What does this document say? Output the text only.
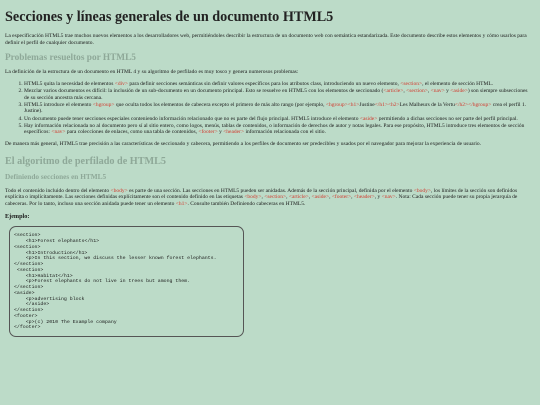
Secciones y líneas generales de un documento HTML5

La especificación HTML5 trae muchos nuevos elementos a los desarrolladores web, permitiéndoles describir la estructura de un documento web con semántica estandarizada. Este documento describe estos elementos y cómo usarlos para definir el perfil de cualquier documento.

Problemas resueltos por HTML5

La definición de la estructura de un documento en HTML 4 y su algoritmo de perfilado es muy tosco y genera numerosos problemas:

1. HTML5 quita la necesidad de elementos <div> para definir secciones semánticas sin definir valores específicos para los atributos class, introduciendo un nuevo elemento, <section>, el elemento de sección HTML.
2. Mezclar varios documentos es difícil: la inclusión de un sub-documento en un documento principal. Esto se resuelve en HTML5 con los elementos de seccionado (<article>, <section>, <nav> y <aside>) son siempre subsecciones de su sección ancestra más cercana.
3. HTML5 introduce el elemento <hgroup> que oculta todos los elementos de cabecera excepto el primero de más alto rango (por ejemplo, <hgroup><h1>Justine</h1><h2>Les Malheurs de la Vertu</h2></hgroup> crea el perfil 1. Justine).
4. Un documento puede tener secciones especiales conteniendo información relacionado que no es parte del flujo principal. HTML5 introduce el elemento <aside> permitiendo a dichas secciones no ser parte del perfil principal.
5. Hay información relacionada no al documento pero sí al sitio entero, como logos, menús, tablas de contenidos, o información de derechos de autor y notas legales. Para ese propósito, HTML5 introduce tres elementos de sección específicos: <nav> para colecciones de enlaces, como una tabla de contenidos, <footer> y <header> información relacionada con el sitio.

De manera más general, HTML5 trae precisión a las características de seccionado y cabecera, permitiendo a los perfiles de documento ser predecibles y usados por el navegador para mejorar la experiencia de usuario.

El algoritmo de perfilado de HTML5
Definiendo secciones en HTML5

Todo el contenido incluido dentro del elemento <body> es parte de una sección. Las secciones en HTML5 pueden ser anidadas. Además de la sección principal, definida por el elemento <body>, los límites de la sección son definidos explícita o implícitamente. Las secciones definidas explícitamente son el contenido definido en las etiquetas <body>, <section>, <article>, <aside>, <footer>, <header>, y <nav>. Nota: Cada sección puede tener su propia jerarquía de cabeceras. Por lo tanto, incluso una sección anidada puede tener un elemento <h1>. Consulte también Definiendo cabeceras en HTML5.

Ejemplo:
<section>
<h1>Forest elephants</h1>
<section>
<h1>Introduction</h1>
<p>In this section, we discuss the lesser known forest elephants.
</section>
<section>
<h1>Habitat</h1>
<p>Forest elephants do not live in trees but among them.
</section>
<aside>
<p>advertising block
</aside>
</section>
<footer>
<p>(c) 2010 The Example company
</footer>
